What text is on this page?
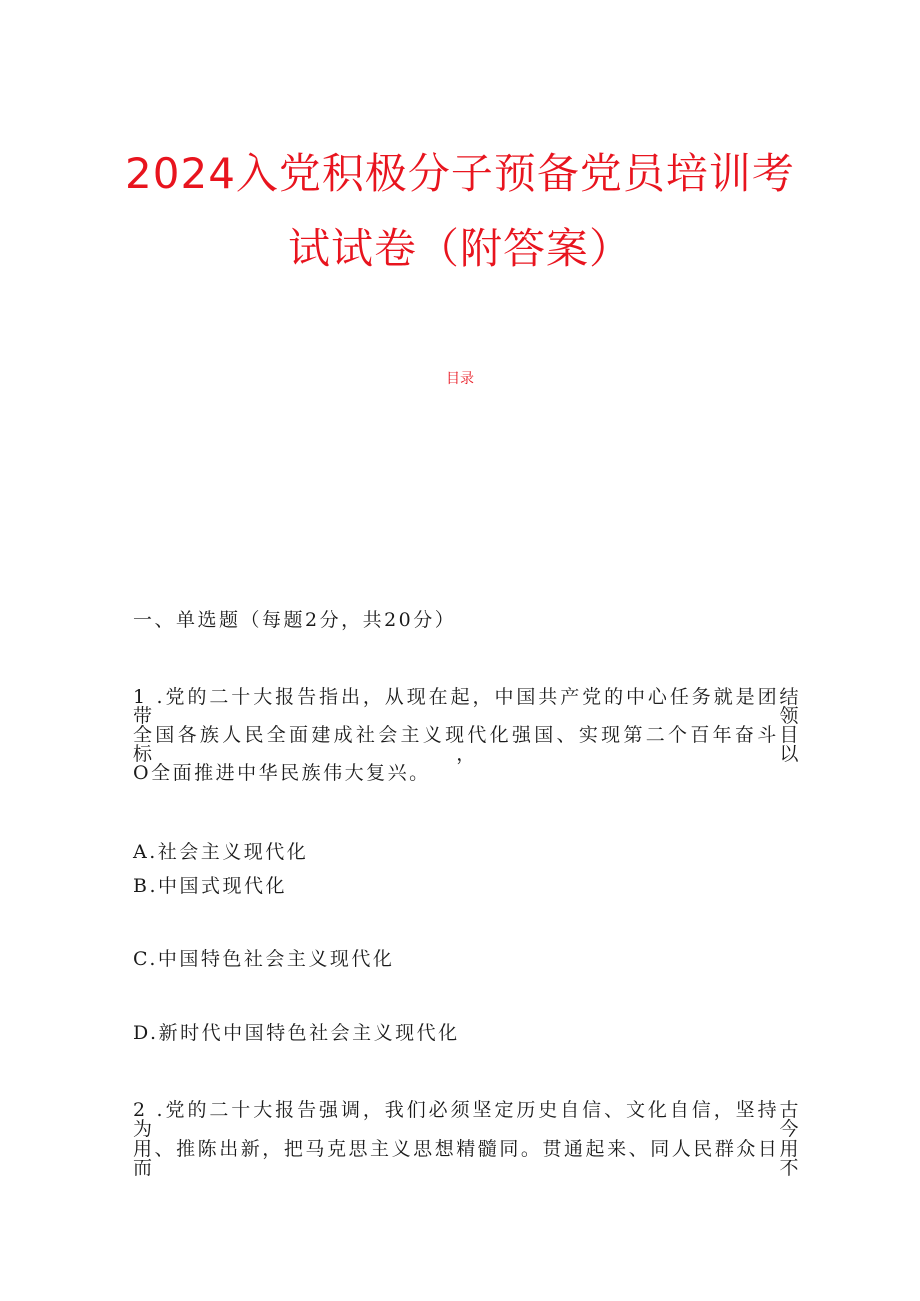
2024入党积极分子预备党员培训考
试试卷（附答案）
目录
一、单选题（每题2分，共20分）
1 .党的二十大报告指出，从现在起，中国共产党的中心任务就是团结带领
全国各族人民全面建成社会主义现代化强国、实现第二个百年奋斗目标，以
O全面推进中华民族伟大复兴。
A.社会主义现代化
B.中国式现代化
C.中国特色社会主义现代化
D.新时代中国特色社会主义现代化
2 .党的二十大报告强调，我们必须坚定历史自信、文化自信，坚持古为今
用、推陈出新，把马克思主义思想精髓同。贯通起来、同人民群众日用而不
